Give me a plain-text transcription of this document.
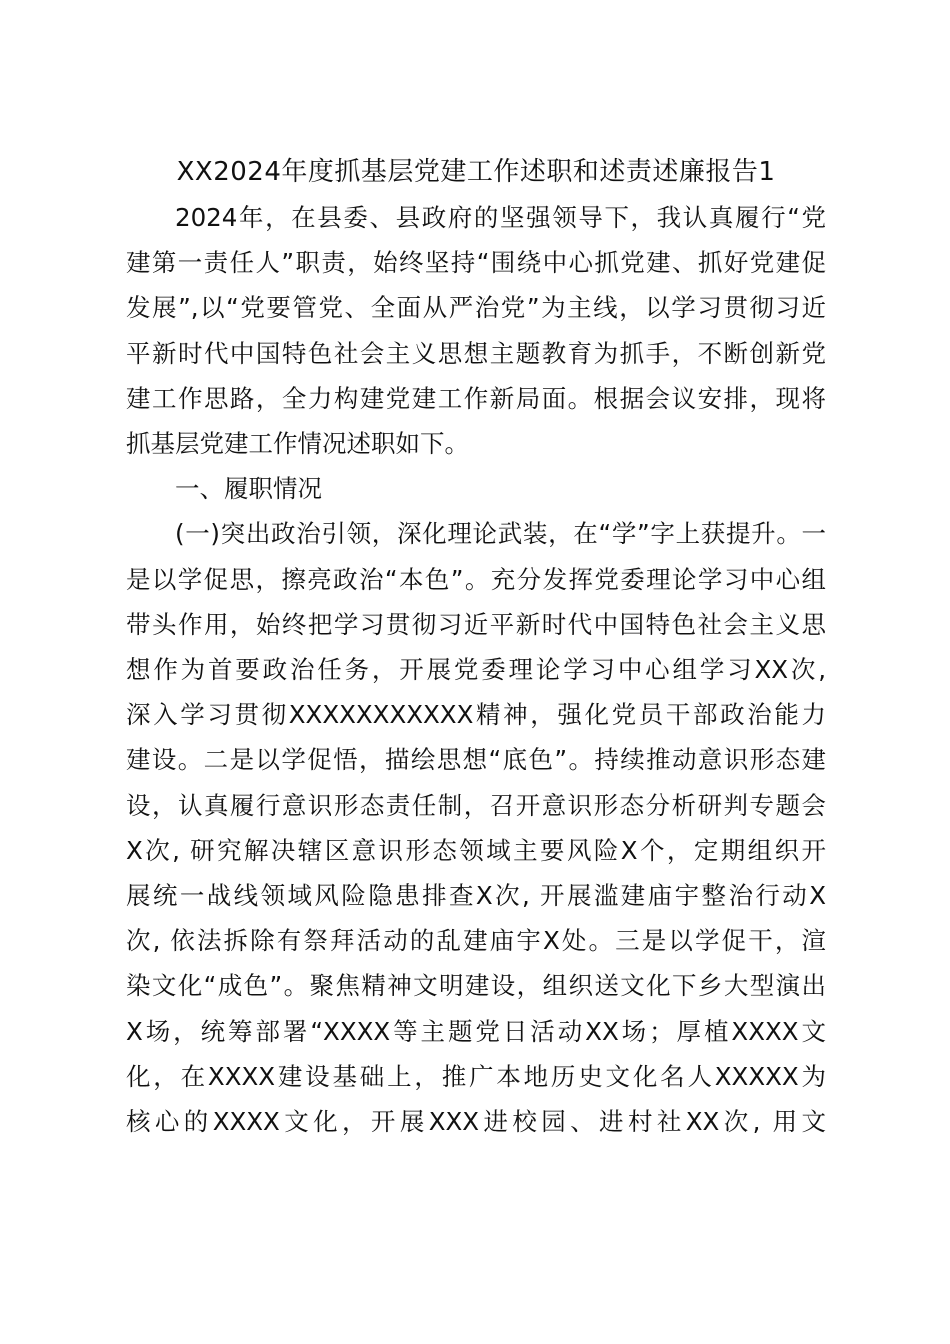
XX2024年度抓基层党建工作述职和述责述廉报告1

2024年，在县委、县政府的坚强领导下，我认真履行“党
建第一责任人”职责，始终坚持“围绕中心抓党建、抓好党建促
发展”,以“党要管党、全面从严治党”为主线，以学习贯彻习近
平新时代中国特色社会主义思想主题教育为抓手，不断创新党
建工作思路，全力构建党建工作新局面。根据会议安排，现将
抓基层党建工作情况述职如下。

一、履职情况

(一)突出政治引领，深化理论武装，在“学”字上获提升。一
是以学促思，擦亮政治“本色”。充分发挥党委理论学习中心组
带头作用，始终把学习贯彻习近平新时代中国特色社会主义思
想作为首要政治任务，开展党委理论学习中心组学习XX次,
深入学习贯彻XXXXXXXXXXX精神，强化党员干部政治能力
建设。二是以学促悟，描绘思想“底色”。持续推动意识形态建
设，认真履行意识形态责任制，召开意识形态分析研判专题会
X次, 研究解决辖区意识形态领域主要风险X个，定期组织开
展统一战线领域风险隐患排查X次, 开展滥建庙宇整治行动X
次, 依法拆除有祭拜活动的乱建庙宇X处。三是以学促干，渲
染文化“成色”。聚焦精神文明建设，组织送文化下乡大型演出
X场，统筹部署“XXXX等主题党日活动XX场；厚植XXXX文
化，在XXXX建设基础上，推广本地历史文化名人XXXXX为
核心的XXXX文化，开展XXX进校园、进村社XX次, 用文
